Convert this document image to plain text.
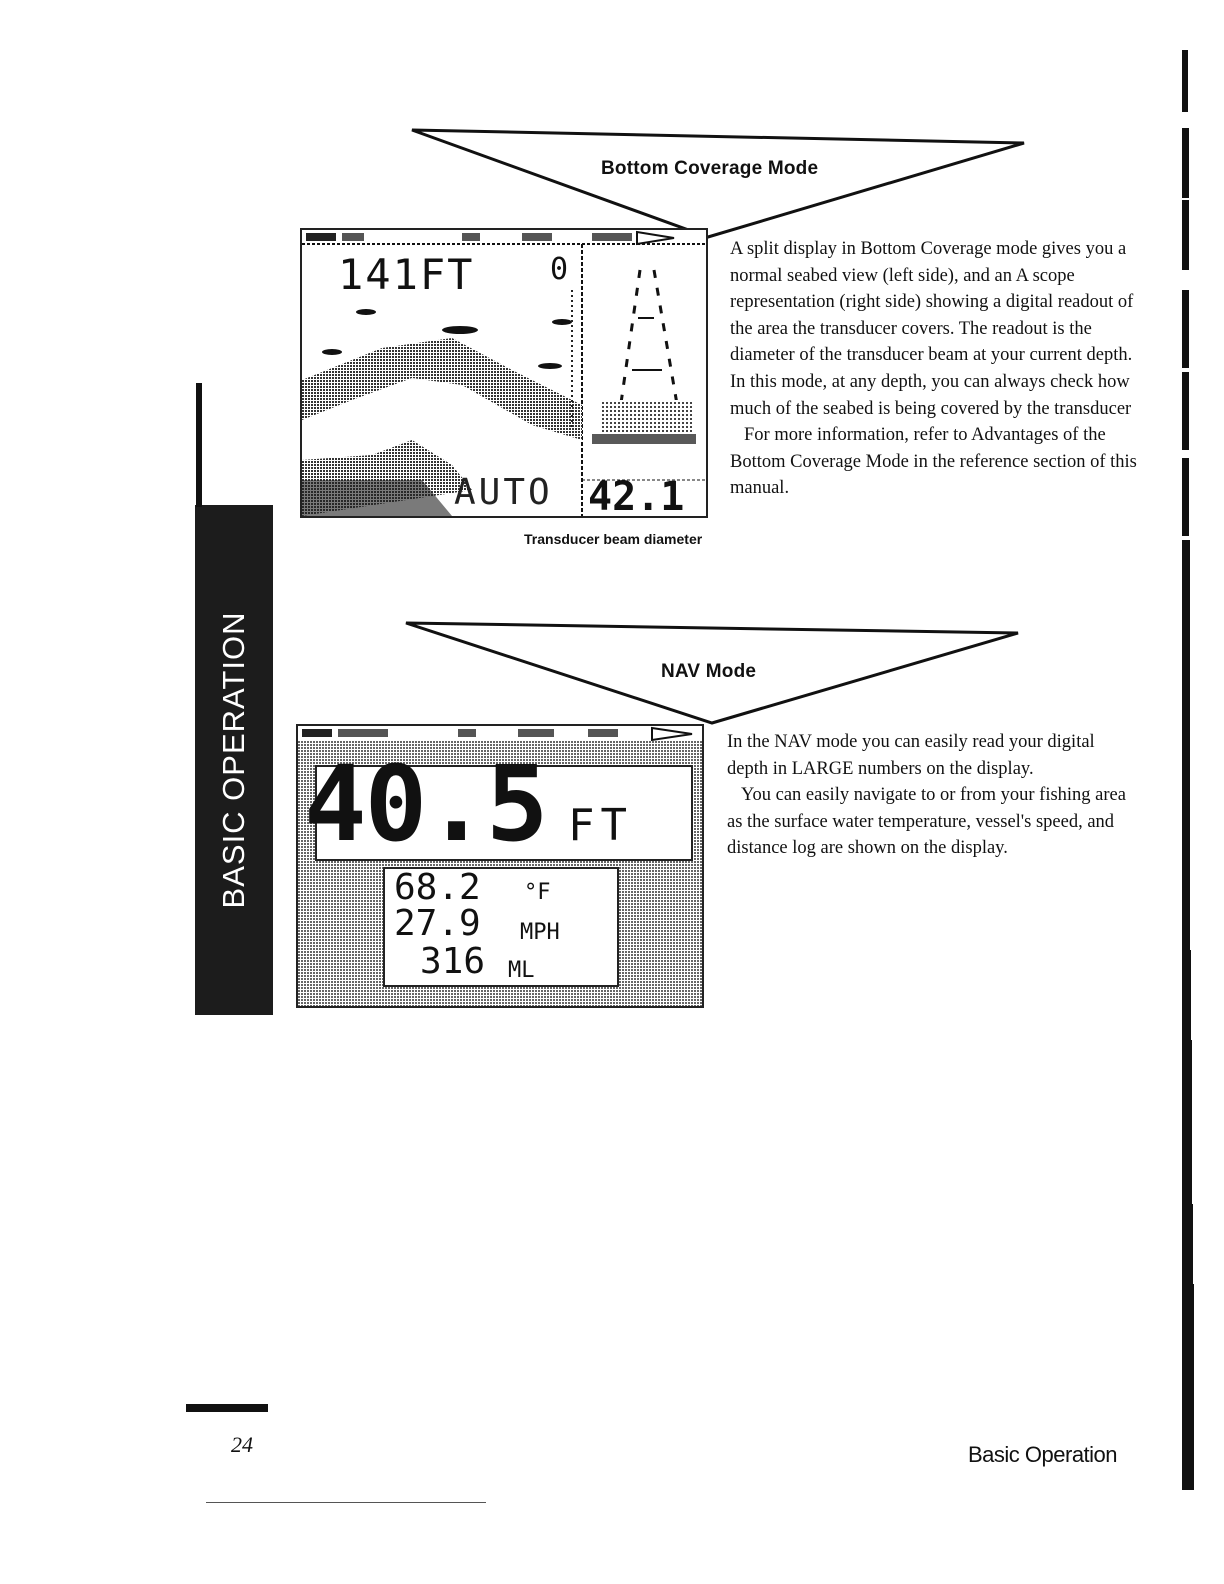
BASIC OPERATION
Bottom Coverage Mode
141FT	0
AUTO 42.1
Transducer beam diameter

A split display in Bottom Coverage mode gives you a normal seabed view (left side), and an A scope representation (right side) showing a digital readout of the area the transducer covers. The readout is the diameter of the transducer beam at your current depth. In this mode, at any depth, you can always check how much of the seabed is being covered by the transducer

For more information, refer to Advantages of the Bottom Coverage Mode in the reference section of this manual.

NAV Mode
40.5 FT
68.2 °F
27.9 MPH
316 ML

In the NAV mode you can easily read your digital depth in LARGE numbers on the display.

You can easily navigate to or from your fishing area as the surface water temperature, vessel's speed, and distance log are shown on the display.

24	Basic Operation
